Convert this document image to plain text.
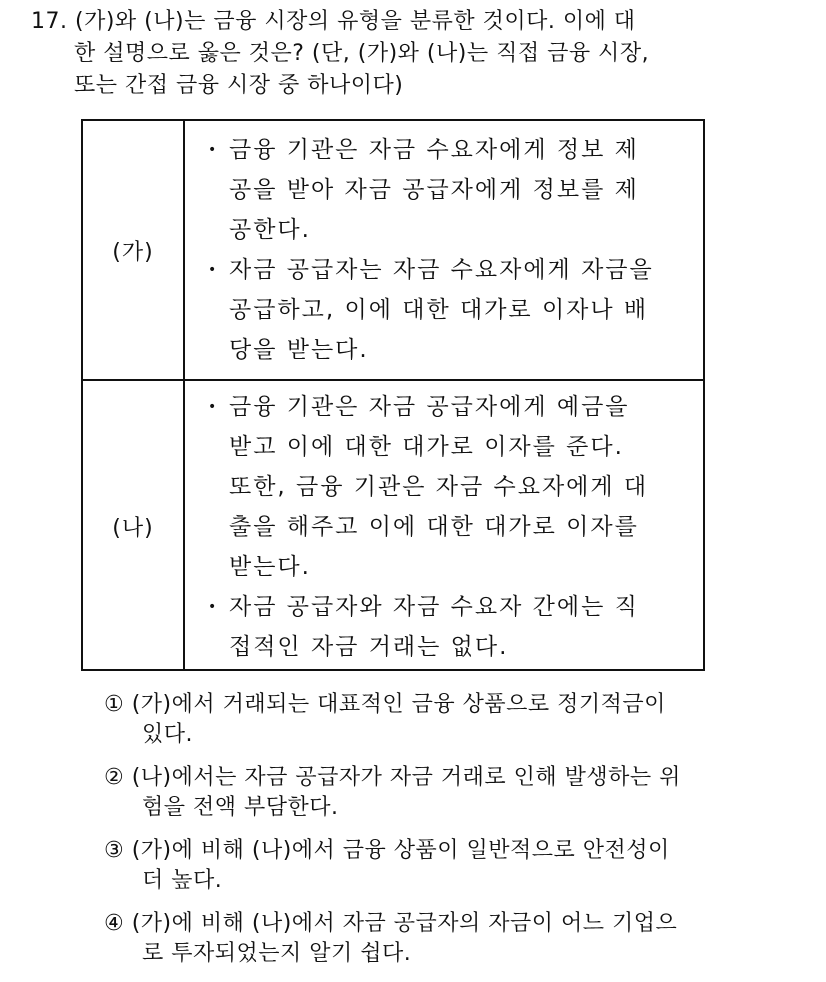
17. (가)와 (나)는 금융 시장의 유형을 분류한 것이다. 이에 대
한 설명으로 옳은 것은? (단, (가)와 (나)는 직접 금융 시장,
또는 간접 금융 시장 중 하나이다)
(가)
• 금융 기관은 자금 수요자에게 정보 제
공을 받아 자금 공급자에게 정보를 제
공한다.
• 자금 공급자는 자금 수요자에게 자금을
공급하고, 이에 대한 대가로 이자나 배
당을 받는다.
(나)
• 금융 기관은 자금 공급자에게 예금을
받고 이에 대한 대가로 이자를 준다.
또한, 금융 기관은 자금 수요자에게 대
출을 해주고 이에 대한 대가로 이자를
받는다.
• 자금 공급자와 자금 수요자 간에는 직
접적인 자금 거래는 없다.
① (가)에서 거래되는 대표적인 금융 상품으로 정기적금이
있다.
② (나)에서는 자금 공급자가 자금 거래로 인해 발생하는 위
험을 전액 부담한다.
③ (가)에 비해 (나)에서 금융 상품이 일반적으로 안전성이
더 높다.
④ (가)에 비해 (나)에서 자금 공급자의 자금이 어느 기업으
로 투자되었는지 알기 쉽다.
